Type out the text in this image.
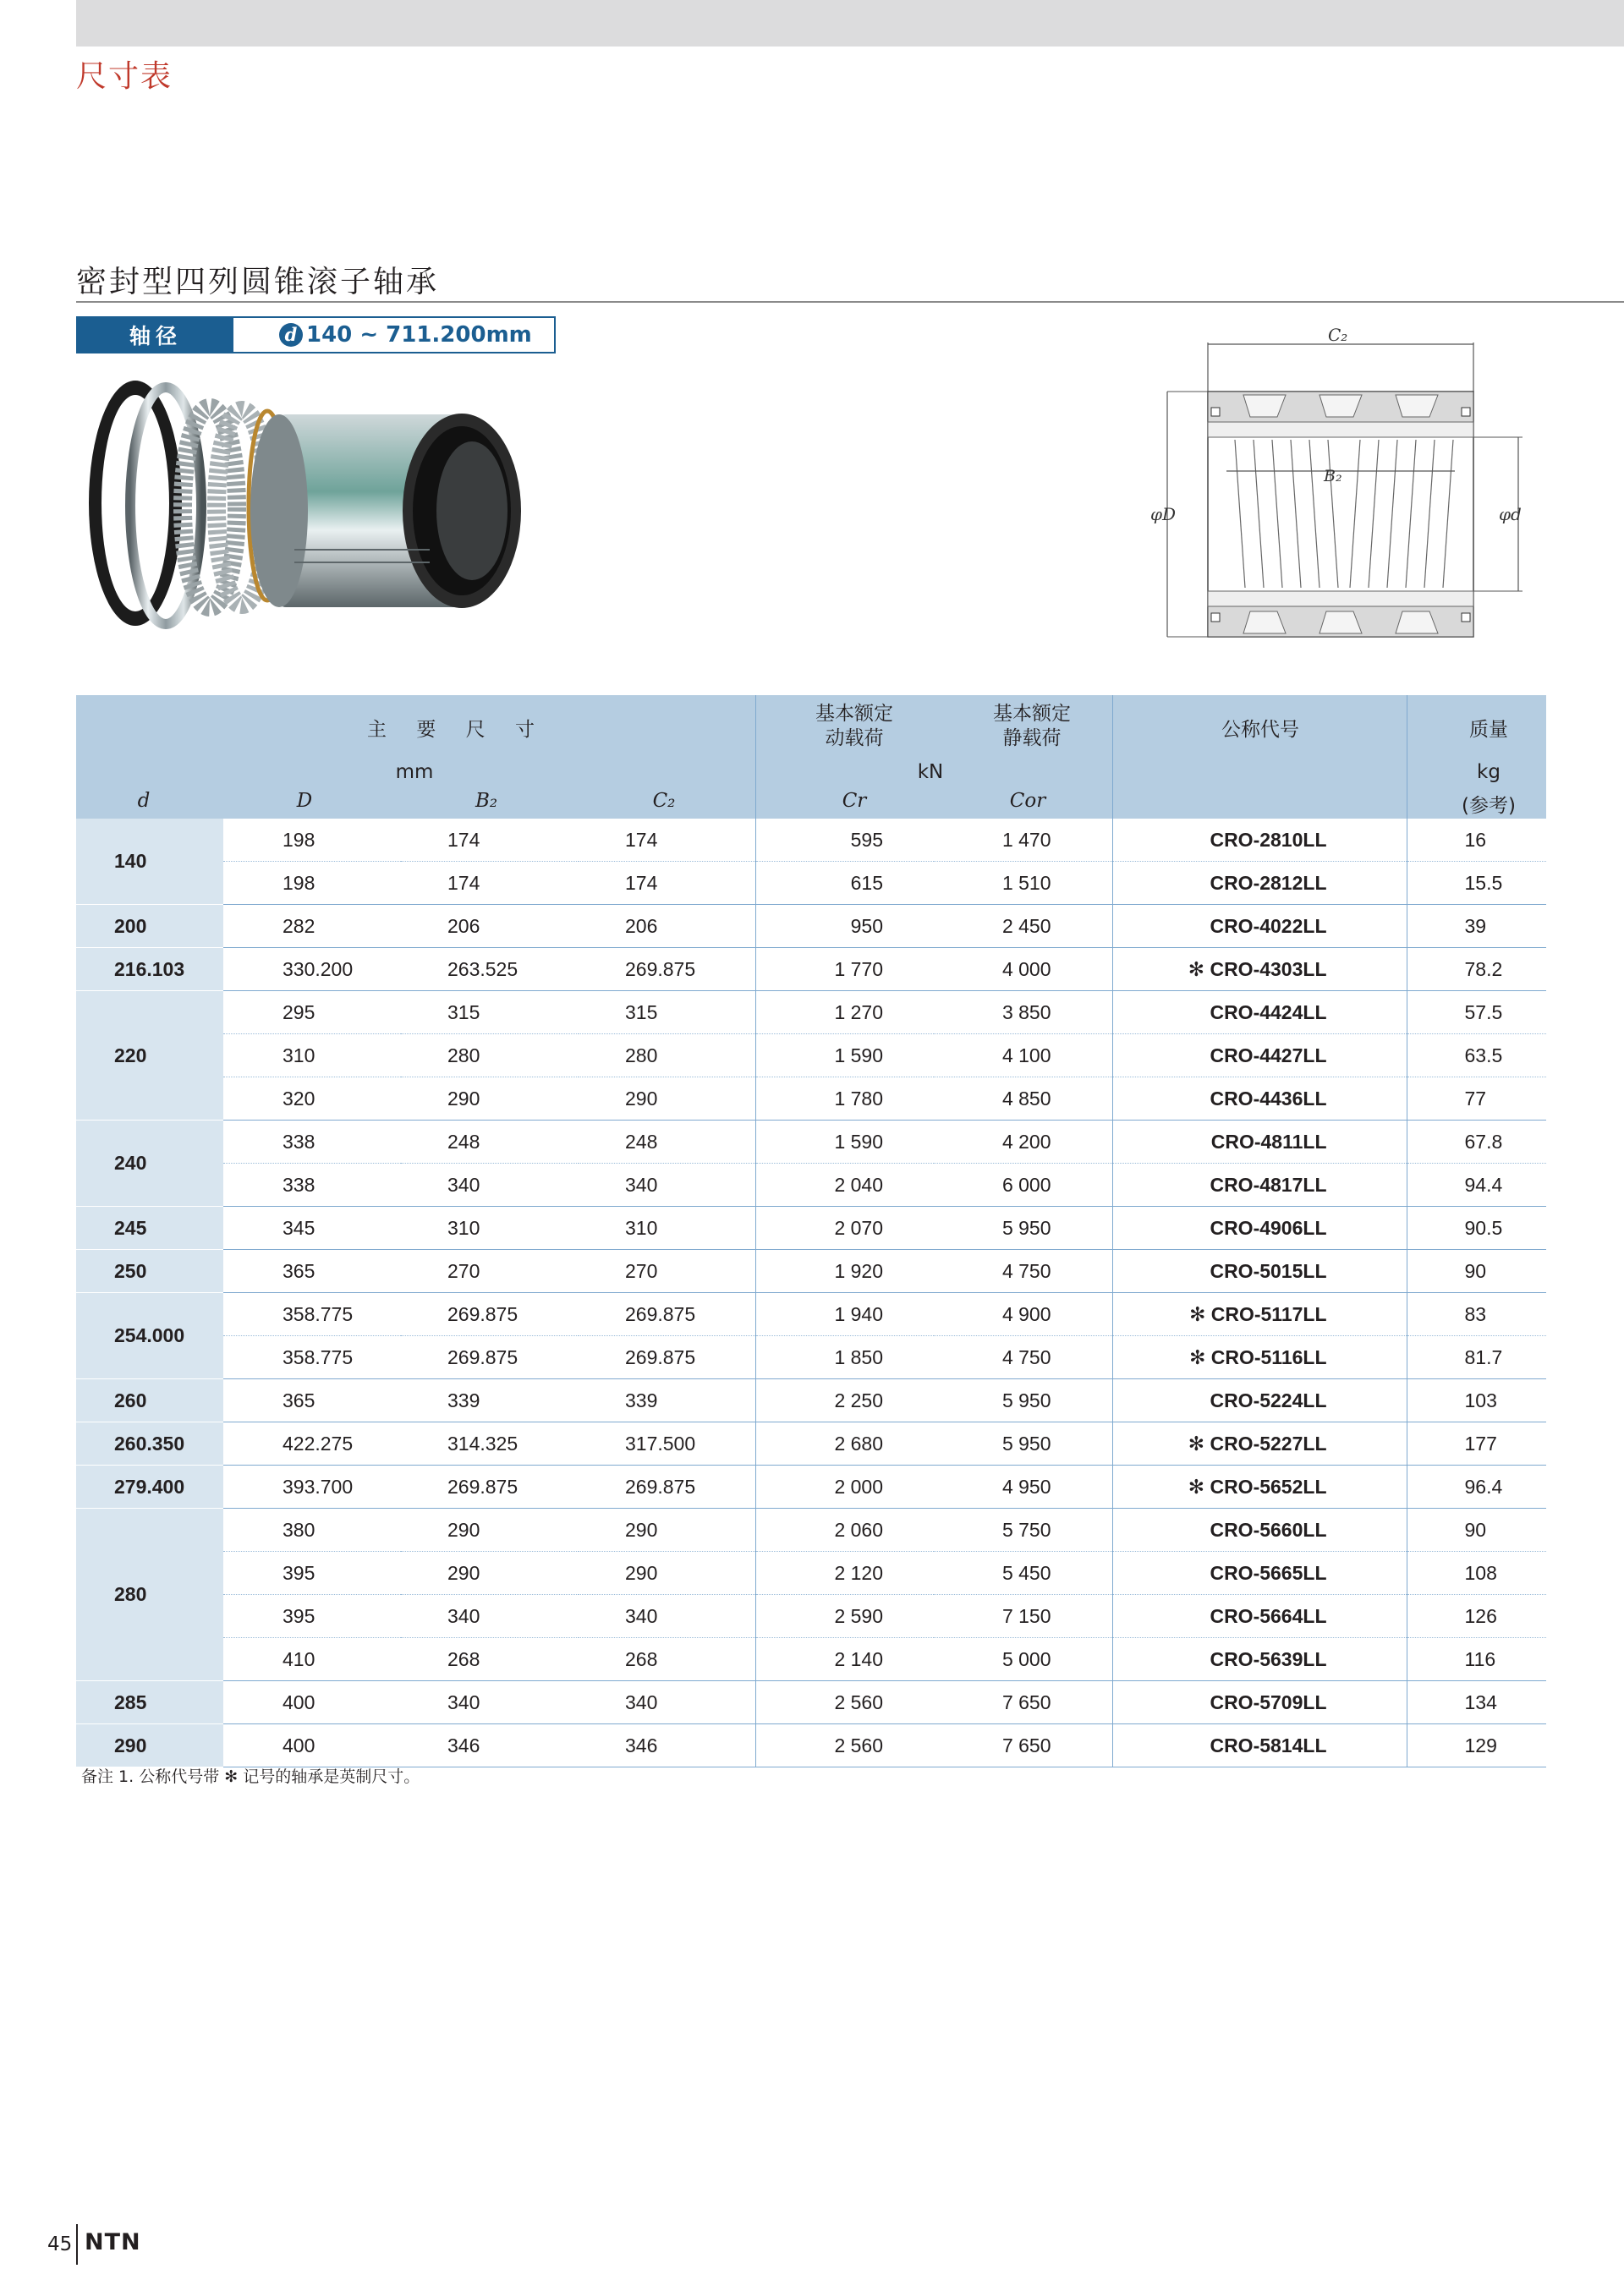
尺寸表
密封型四列圆锥滚子轴承
轴径	d 140 ~ 711.200mm	C₂
B₂
φD	φd
主 要 尺 寸
mm
基本额定
动载荷
基本额定
静载荷
kN
公称代号	质量
kg
(参考)
d	D	B₂	C₂	Cr	Cor
140	198	174	174	595	1 470	CRO-2810LL	16
	198	174	174	615	1 510	CRO-2812LL	15.5
200	282	206	206	950	2 450	CRO-4022LL	39
216.103	330.200	263.525	269.875	1 770	4 000	✻ CRO-4303LL	78.2
220	295	315	315	1 270	3 850	CRO-4424LL	57.5
	310	280	280	1 590	4 100	CRO-4427LL	63.5
	320	290	290	1 780	4 850	CRO-4436LL	77
240	338	248	248	1 590	4 200	CRO-4811LL	67.8
	338	340	340	2 040	6 000	CRO-4817LL	94.4
245	345	310	310	2 070	5 950	CRO-4906LL	90.5
250	365	270	270	1 920	4 750	CRO-5015LL	90
254.000	358.775	269.875	269.875	1 940	4 900	✻ CRO-5117LL	83
	358.775	269.875	269.875	1 850	4 750	✻ CRO-5116LL	81.7
260	365	339	339	2 250	5 950	CRO-5224LL	103
260.350	422.275	314.325	317.500	2 680	5 950	✻ CRO-5227LL	177
279.400	393.700	269.875	269.875	2 000	4 950	✻ CRO-5652LL	96.4
280	380	290	290	2 060	5 750	CRO-5660LL	90
	395	290	290	2 120	5 450	CRO-5665LL	108
	395	340	340	2 590	7 150	CRO-5664LL	126
	410	268	268	2 140	5 000	CRO-5639LL	116
285	400	340	340	2 560	7 650	CRO-5709LL	134
290	400	346	346	2 560	7 650	CRO-5814LL	129
备注 1. 公称代号带 ✻ 记号的轴承是英制尺寸。
45 NTN
